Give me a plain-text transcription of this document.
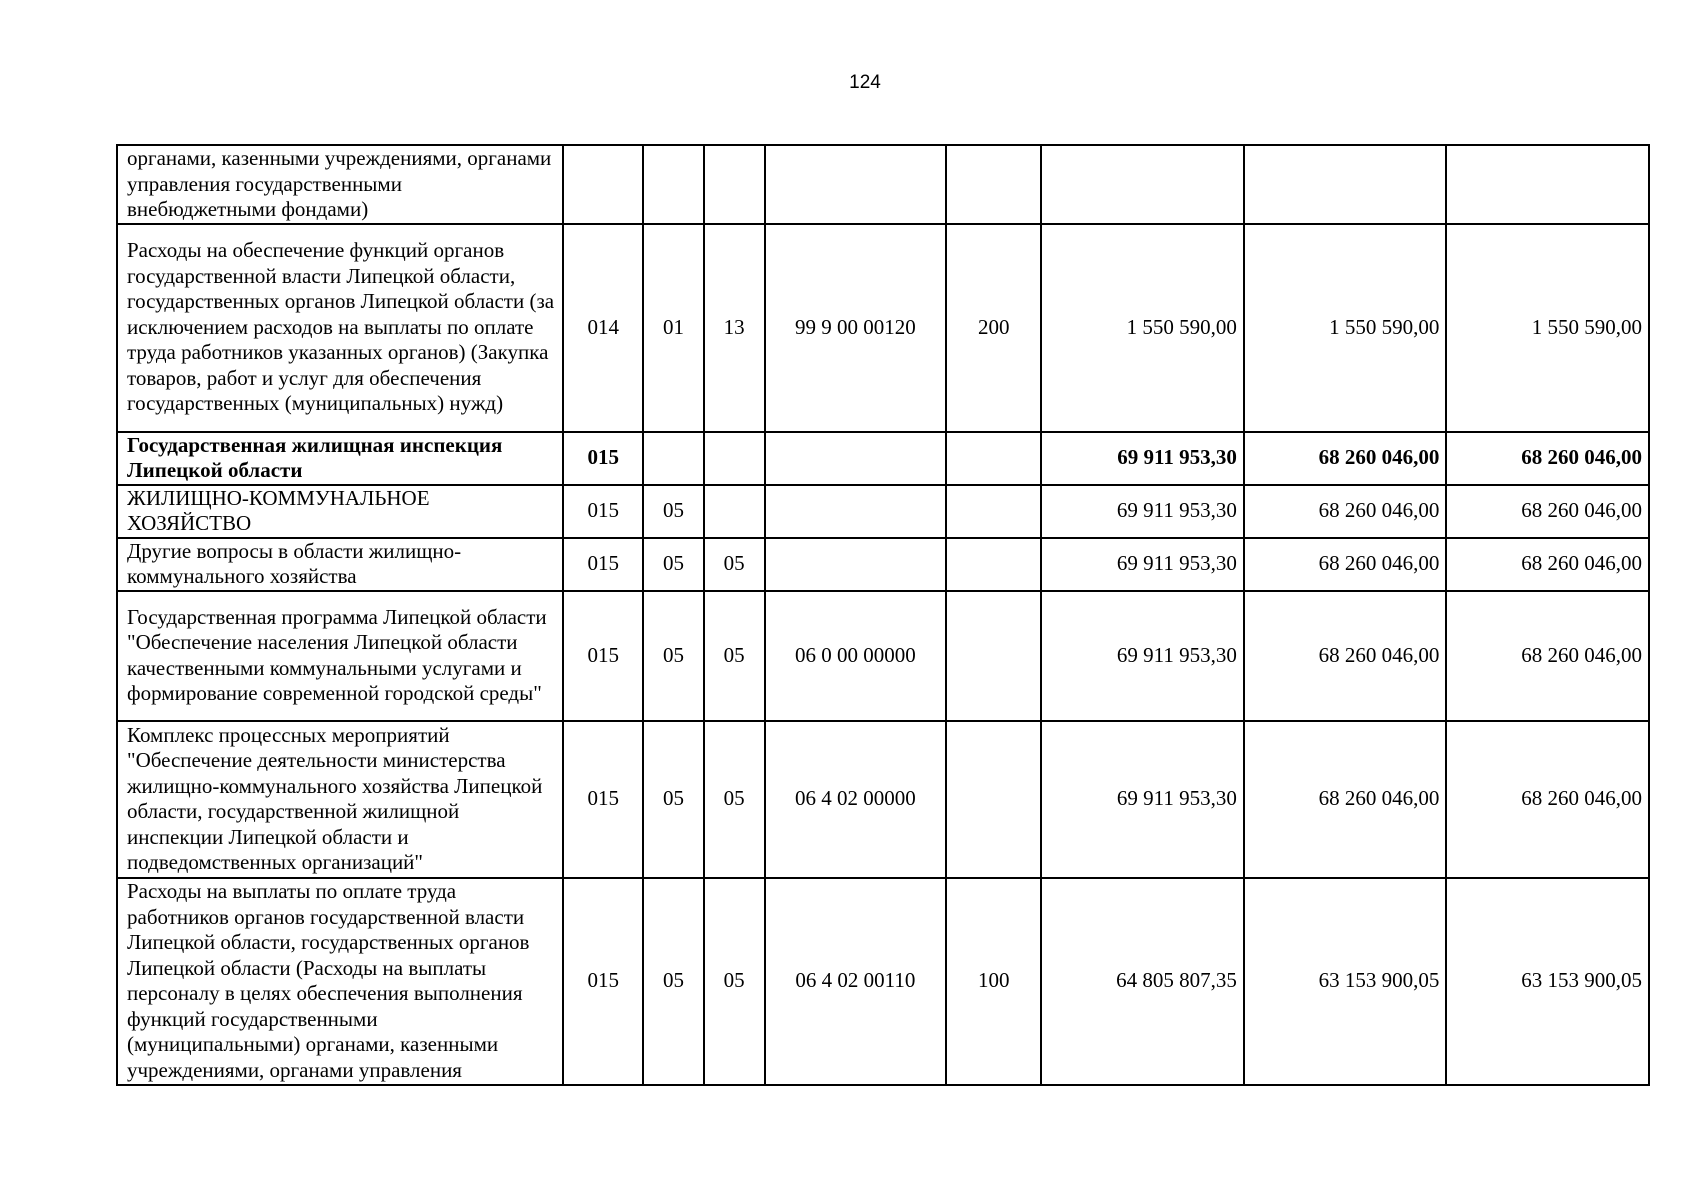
124
органами, казенными учреждениями, органами управления государственными внебюджетными фондами)								
Расходы на обеспечение функций органов государственной власти Липецкой области, государственных органов Липецкой области (за исключением расходов на выплаты по оплате труда работников указанных органов) (Закупка товаров, работ и услуг для обеспечения государственных (муниципальных) нужд)	014	01	13	99 9 00 00120	200	1 550 590,00	1 550 590,00	1 550 590,00
Государственная жилищная инспекция Липецкой области	015					69 911 953,30	68 260 046,00	68 260 046,00
ЖИЛИЩНО-КОММУНАЛЬНОЕ ХОЗЯЙСТВО	015	05				69 911 953,30	68 260 046,00	68 260 046,00
Другие вопросы в области жилищно-коммунального хозяйства	015	05	05			69 911 953,30	68 260 046,00	68 260 046,00
Государственная программа Липецкой области "Обеспечение населения Липецкой области качественными коммунальными услугами и формирование современной городской среды"	015	05	05	06 0 00 00000		69 911 953,30	68 260 046,00	68 260 046,00
Комплекс процессных мероприятий "Обеспечение деятельности министерства жилищно-коммунального хозяйства Липецкой области, государственной жилищной инспекции Липецкой области и подведомственных организаций"	015	05	05	06 4 02 00000		69 911 953,30	68 260 046,00	68 260 046,00
Расходы на выплаты по оплате труда работников органов государственной власти Липецкой области, государственных органов Липецкой области (Расходы на выплаты персоналу в целях обеспечения выполнения функций государственными (муниципальными) органами, казенными учреждениями, органами управления	015	05	05	06 4 02 00110	100	64 805 807,35	63 153 900,05	63 153 900,05
